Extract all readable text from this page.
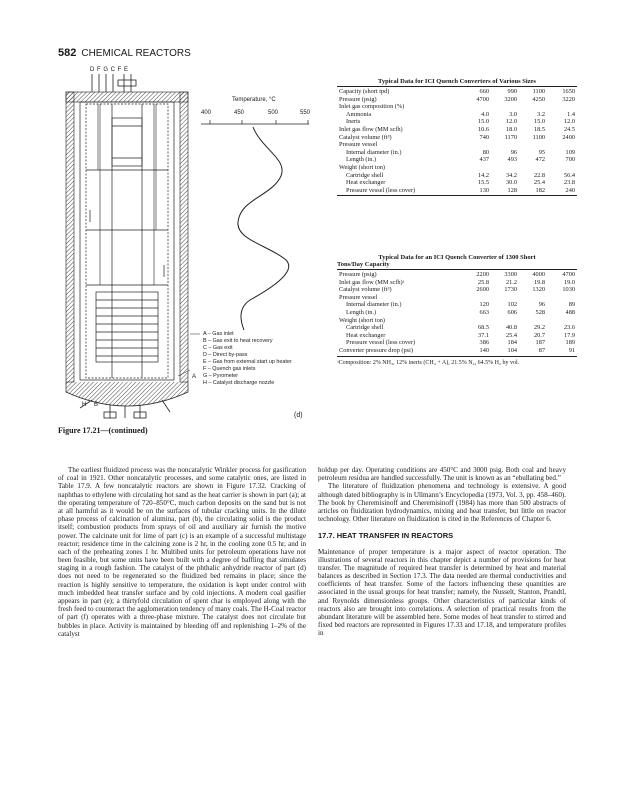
582 CHEMICAL REACTORS
D F G C F E
Temperature, °C
400	450	500	550
A – Gas inlet
B – Gas exit to heat recovery
C – Gas exit
D – Direct by-pass
E – Gas from external start up heater
F – Quench gas inlets
G – Pyrometer
H – Catalyst discharge nozzle
A
H B
Typical Data for ICI Quench Converters of Various Sizes
Capacity (short tpd)	660	990	1100	1650
Pressure (psig)	4700	3200	4250	3220
Inlet gas composition (%)				
Ammonia	4.0	3.0	3.2	1.4
Inerts	15.0	12.0	15.0	12.0
Inlet gas flow (MM scfh)	10.6	18.0	18.5	24.5
Catalyst volume (ft³)	740	1170	1100	2400
Pressure vessel				
Internal diameter (in.)	80	96	95	109
Length (in.)	437	493	472	700
Weight (short ton)				
Cartridge shell	14.2	34.2	22.8	56.4
Heat exchanger	15.5	30.0	25.4	23.8
Pressure vessel (less cover)	130	128	182	240
Typical Data for an ICI Quench Converter of 1300 Short
Tons/Day Capacity
Pressure (psig)	2200	3300	4000	4700
Inlet gas flow (MM scfh)ᵃ	25.8	21.2	19.8	19.0
Catalyst volume (ft³)	2600	1730	1320	1030
Pressure vessel				
Internal diameter (in.)	120	102	96	89
Length (in.)	663	606	528	488
Weight (short ton)				
Cartridge shell	68.5	40.8	29.2	23.6
Heat exchanger	37.1	25.4	20.7	17.9
Pressure vessel (less cover)	386	184	187	189
Converter pressure drop (psi)	140	104	87	91
ᵃComposition: 2% NH₃, 12% inerts (CH₄ + A), 21.5% N₂, 64.5% H₂ by vol.
(d)
Figure 17.21—(continued)

The earliest fluidized process was the noncatalytic Winkler process for gasification of coal in 1921. Other noncatalytic processes, and some catalytic ones, are listed in Table 17.9. A few noncatalytic reactors are shown in Figure 17.32. Cracking of naphthas to ethylene with circulating hot sand as the heat carrier is shown in part (a); at the operating temperature of 720–850°C, much carbon deposits on the sand but is not at all harmful as it would be on the surfaces of tubular cracking units. In the dilute phase process of calcination of alumina, part (b), the circulating solid is the product itself; combustion products from sprays of oil and auxiliary air furnish the motive power. The calcinate unit for lime of part (c) is an example of a successful multistage reactor; residence time in the calcining zone is 2 hr, in the cooling zone 0.5 hr, and in each of the preheating zones 1 hr. Multibed units for petroleum operations have not been feasible, but some units have been built with a degree of baffling that simulates staging in a rough fashion. The catalyst of the phthalic anhydride reactor of part (d) does not need to be regenerated so the fluidized bed remains in place; since the reaction is highly sensitive to temperature, the oxidation is kept under control with much imbedded heat transfer surface and by cold injections. A modern coal gasifier appears in part (e); a thirtyfold circulation of spent char is employed along with the fresh feed to counteract the agglomeration tendency of many coals. The H-Coal reactor of part (f) operates with a three-phase mixture. The catalyst does not circulate but bubbles in place. Activity is maintained by bleeding off and replenishing 1–2% of the catalyst

holdup per day. Operating conditions are 450°C and 3000 psig. Both coal and heavy petroleum residua are handled successfully. The unit is known as an “ebullating bed.”

The literature of fluidization phenomena and technology is extensive. A good although dated bibliography is in Ullmann’s Encyclopedia (1973, Vol. 3, pp. 458–460). The book by Cheremisinoff and Cheremisinoff (1984) has more than 500 abstracts of articles on fluidization hydrodynamics, mixing and heat transfer, but little on reactor technology. Other literature on fluidization is cited in the References of Chapter 6.

17.7. HEAT TRANSFER IN REACTORS

Maintenance of proper temperature is a major aspect of reactor operation. The illustrations of several reactors in this chapter depict a number of provisions for heat transfer. The magnitude of required heat transfer is determined by heat and material balances as described in Section 17.3. The data needed are thermal conductivities and coefficients of heat transfer. Some of the factors influencing these quantities are associated in the usual groups for heat transfer; namely, the Nusselt, Stanton, Prandtl, and Reynolds dimensionless groups. Other characteristics of particular kinds of reactors also are brought into correlations. A selection of practical results from the abundant literature will be assembled here. Some modes of heat transfer to stirred and fixed bed reactors are represented in Figures 17.33 and 17.18, and temperature profiles in
